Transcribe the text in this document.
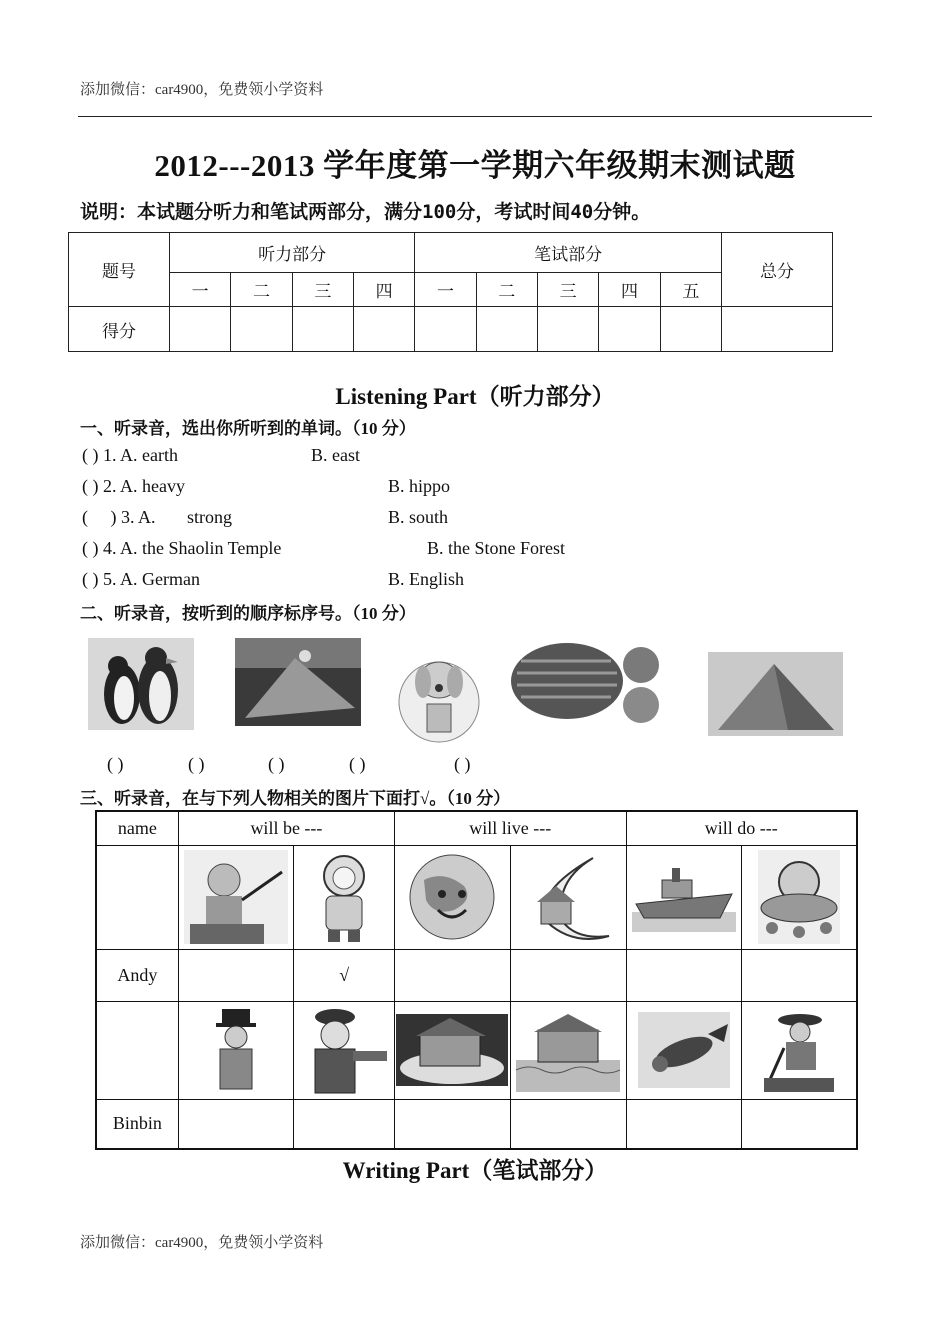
添加微信：car4900，免费领小学资料
2012---2013 学年度第一学期六年级期末测试题
说明：本试题分听力和笔试两部分，满分100分，考试时间40分钟。
题号	听力部分				笔试部分					总分
	一	二	三	四	一	二	三	四	五	
得分										
Listening Part（听力部分）
一、听录音，选出你所听到的单词。（10 分）
( ) 1. A. earth	B. east
( ) 2. A. heavy	B. hippo
(     ) 3. A.       strong	B. south
( ) 4. A. the Shaolin Temple	B. the Stone Forest
( ) 5. A. German	B. English
二、听录音，按听到的顺序标序号。（10 分）
( )	( )	( )	( )	( )
三、听录音，在与下列人物相关的图片下面打√。（10 分）
name	will be ---		will live ---		will do ---	

Andy		√				

Binbin						
Writing Part（笔试部分）
添加微信：car4900，免费领小学资料
